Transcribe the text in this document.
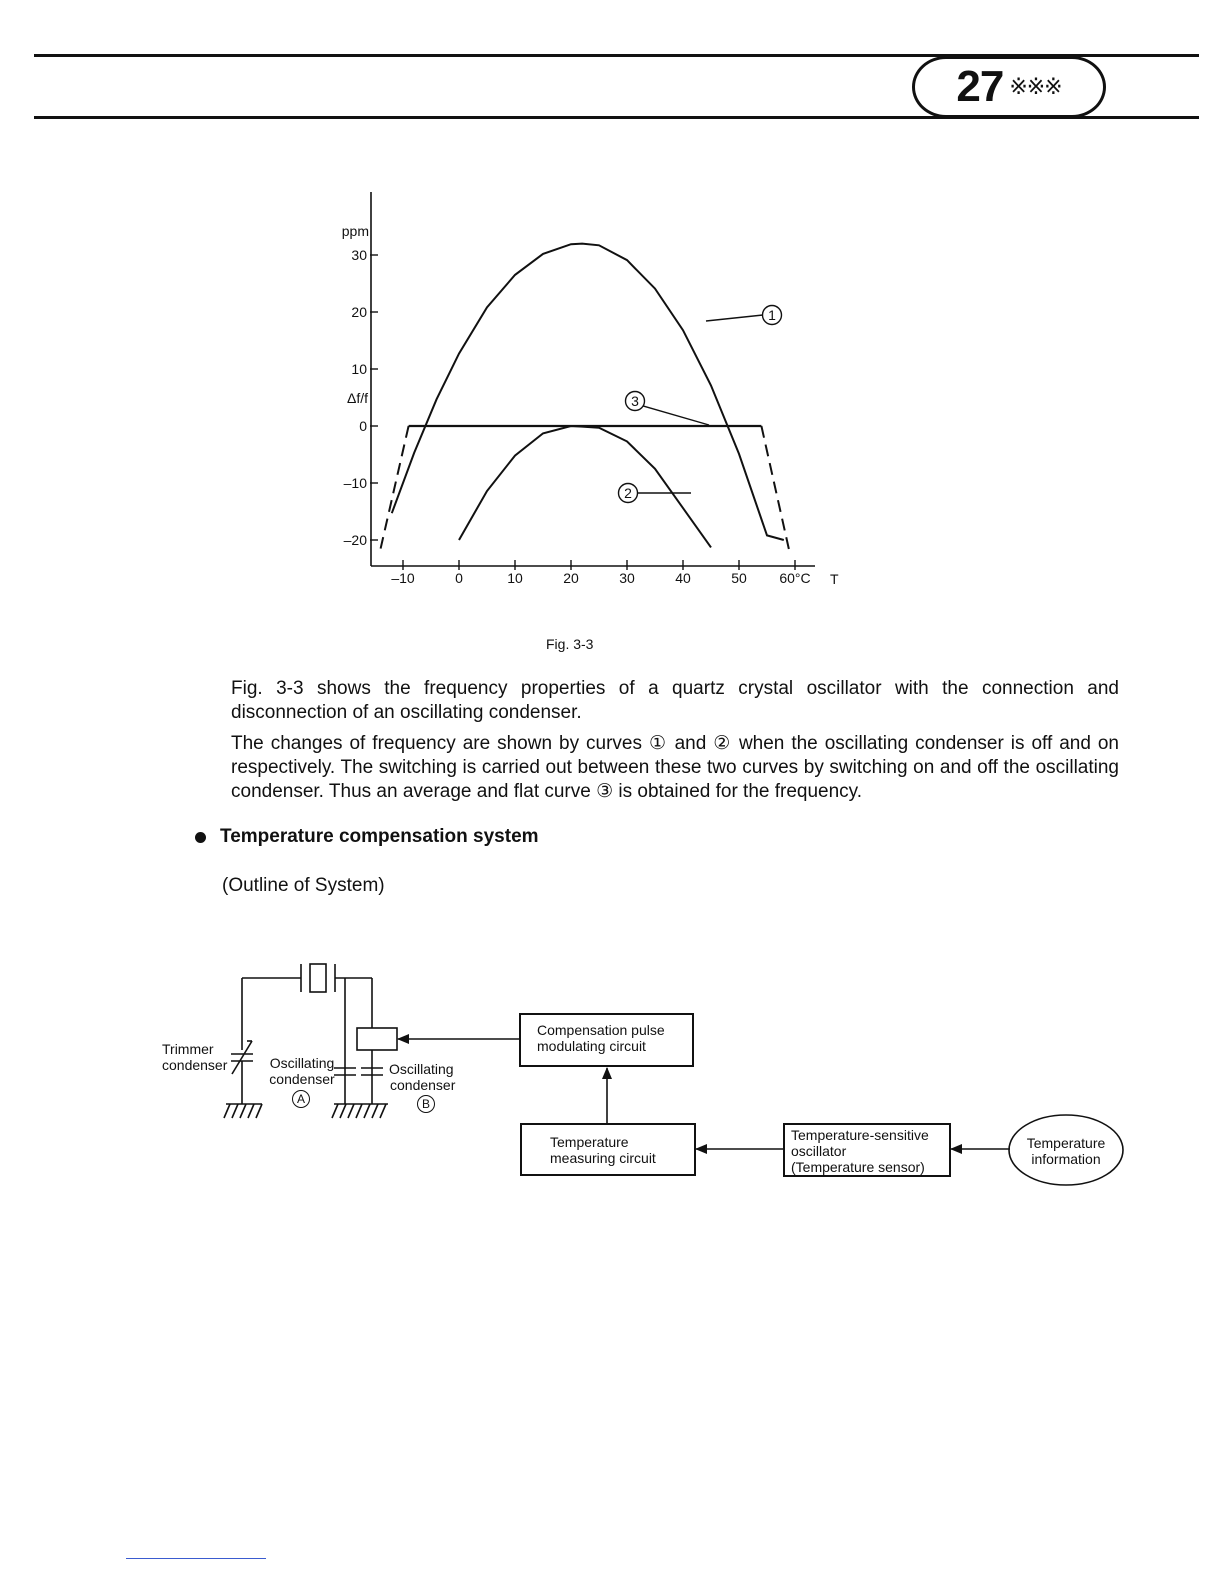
27 ※※※
30
20
10
0
–10
–20
ppm
Δf/f
–10	0	10	20	30	40	50 60°C T
1
3
2
Fig. 3-3

Fig. 3-3 shows the frequency properties of a quartz crystal oscillator with the connection and disconnection of an oscillating condenser.

The changes of frequency are shown by curves ① and ② when the oscillating condenser is off and on respectively. The switching is carried out between these two curves by switching on and off the oscillating condenser. Thus an average and flat curve ③ is obtained for the frequency.

Temperature compensation system
(Outline of System)
Trimmer
condenser	Oscillating
condenser
A
Oscillating
condenser
B
Compensation pulse
modulating circuit
Temperature
measuring circuit
Temperature-sensitive
oscillator
(Temperature sensor)
Temperature
information
